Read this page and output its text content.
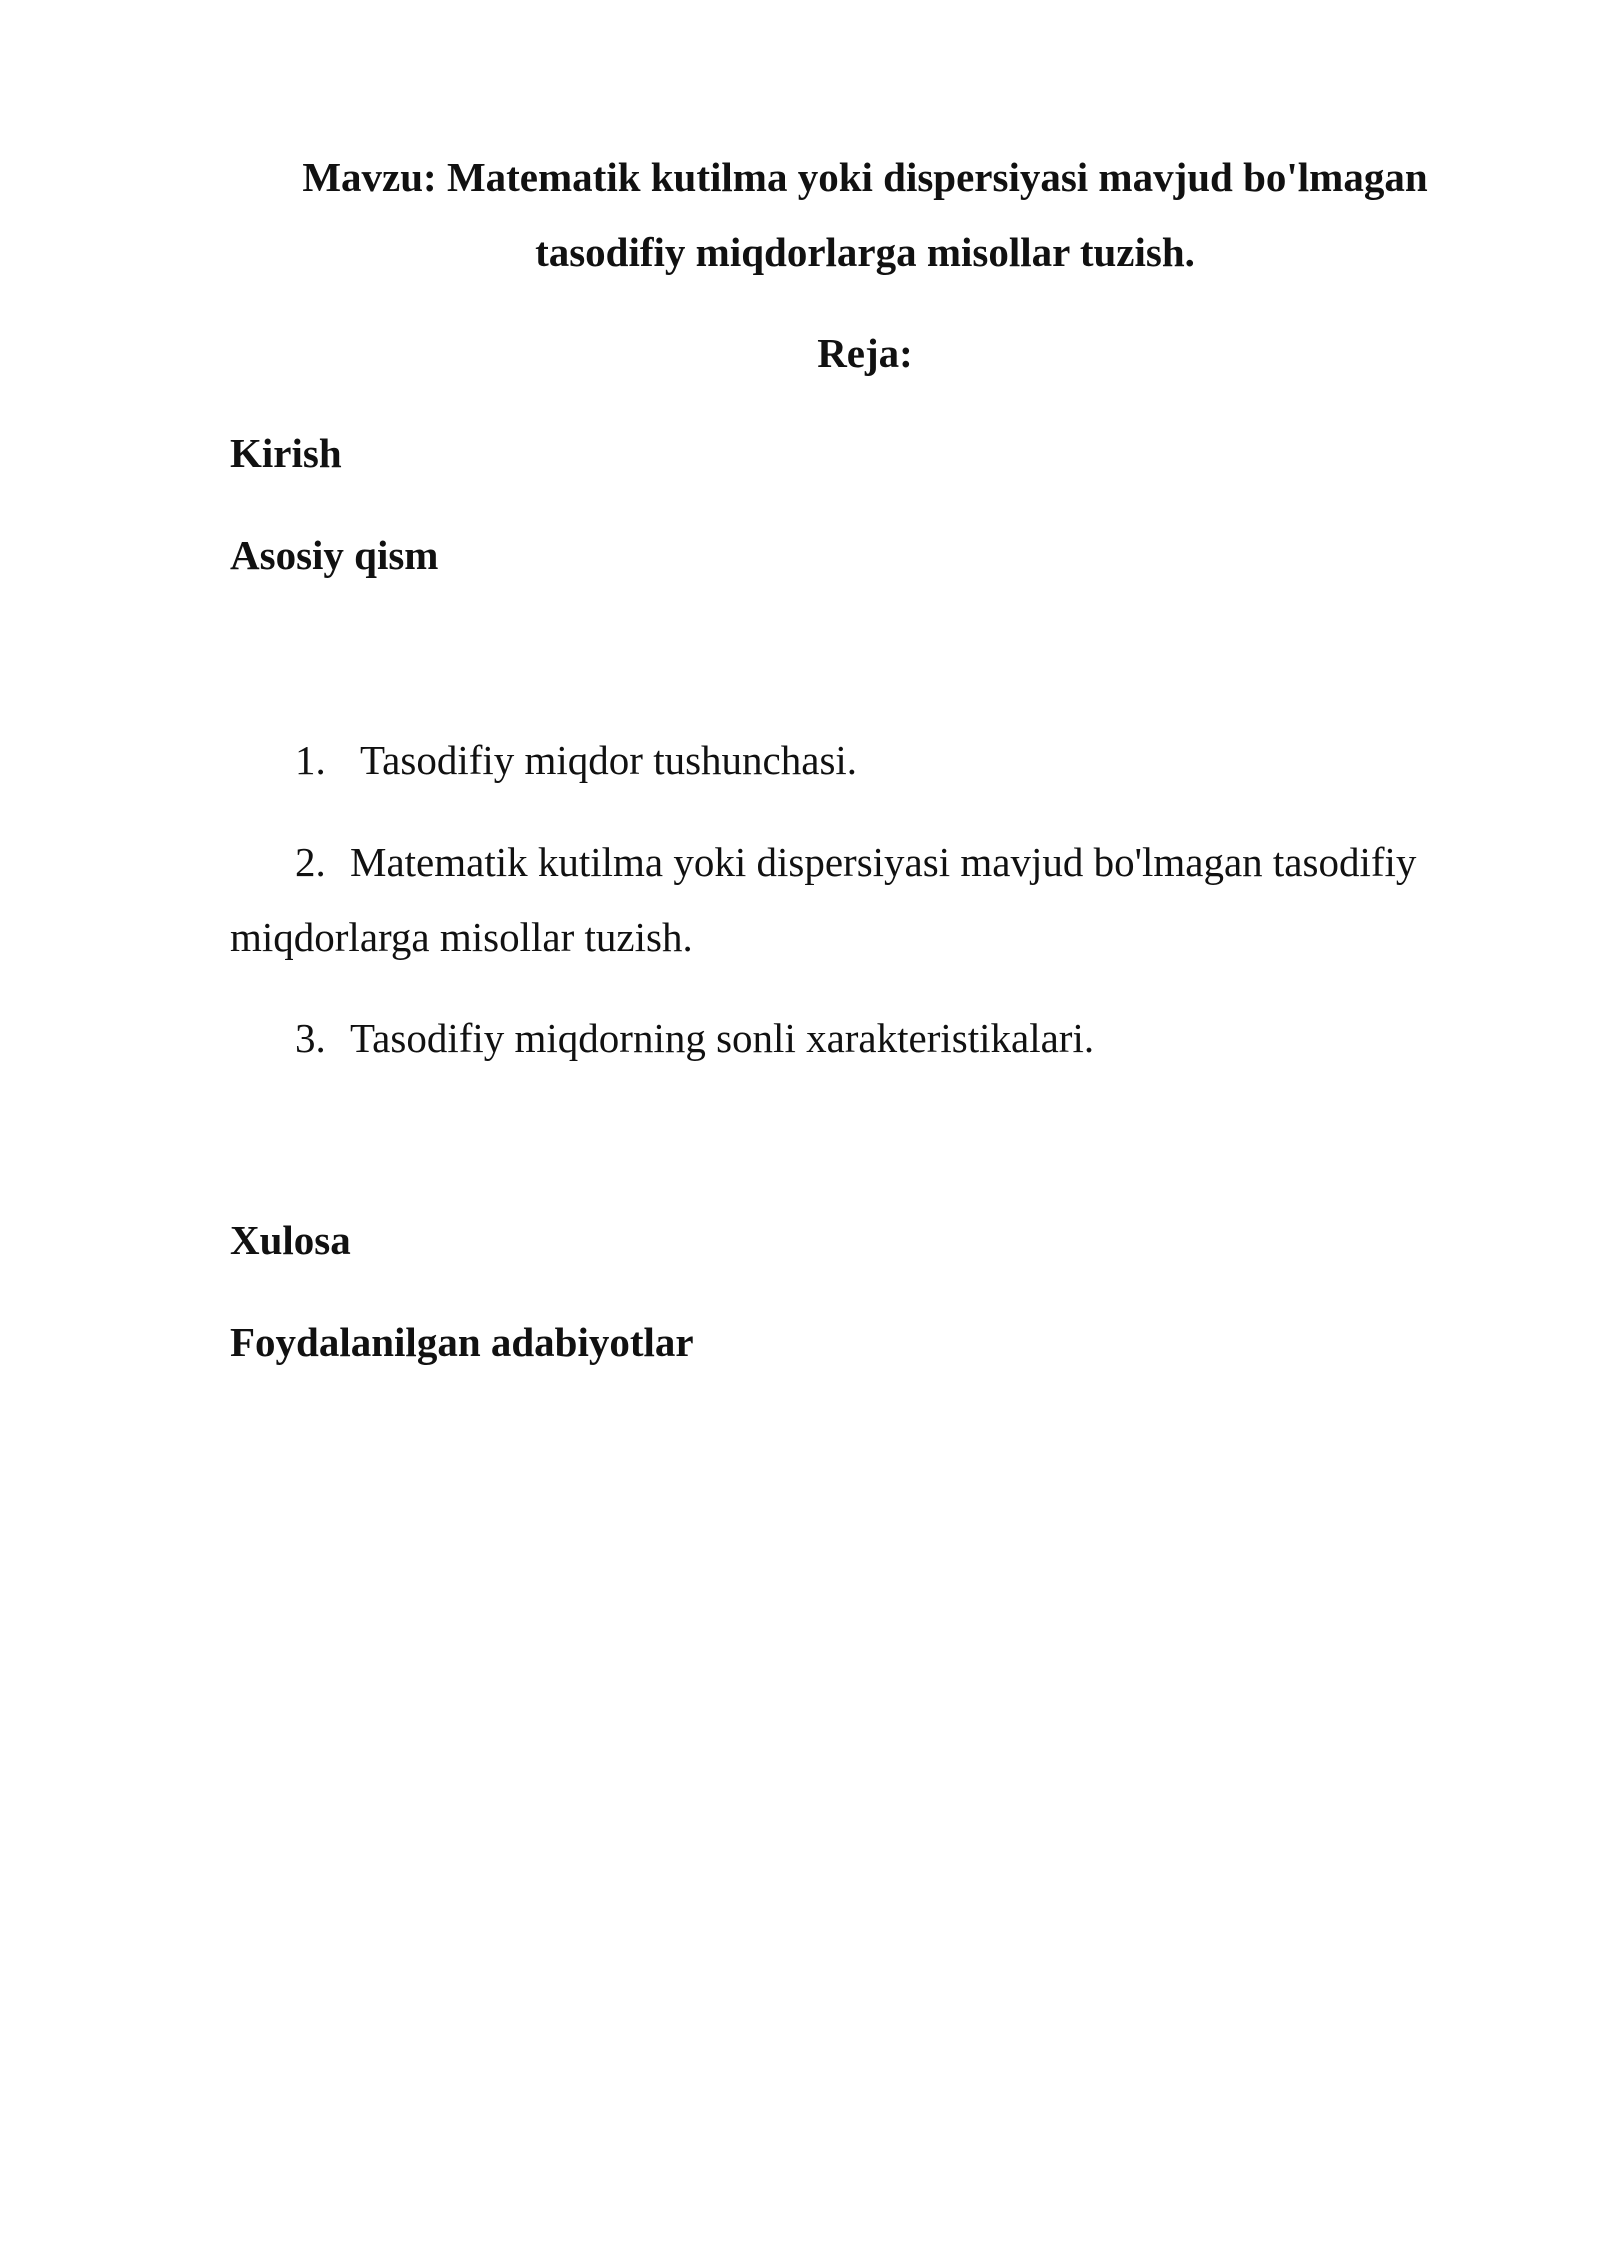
Mavzu: Matematik kutilma yoki dispersiyasi mavjud bo'lmagan
tasodifiy miqdorlarga misollar tuzish.
Reja:
Kirish
Asosiy qism
1. Tasodifiy miqdor tushunchasi.
2. Matematik kutilma yoki dispersiyasi mavjud bo'lmagan tasodifiy
miqdorlarga misollar tuzish.
3. Tasodifiy miqdorning sonli xarakteristikalari.
Xulosa
Foydalanilgan adabiyotlar
